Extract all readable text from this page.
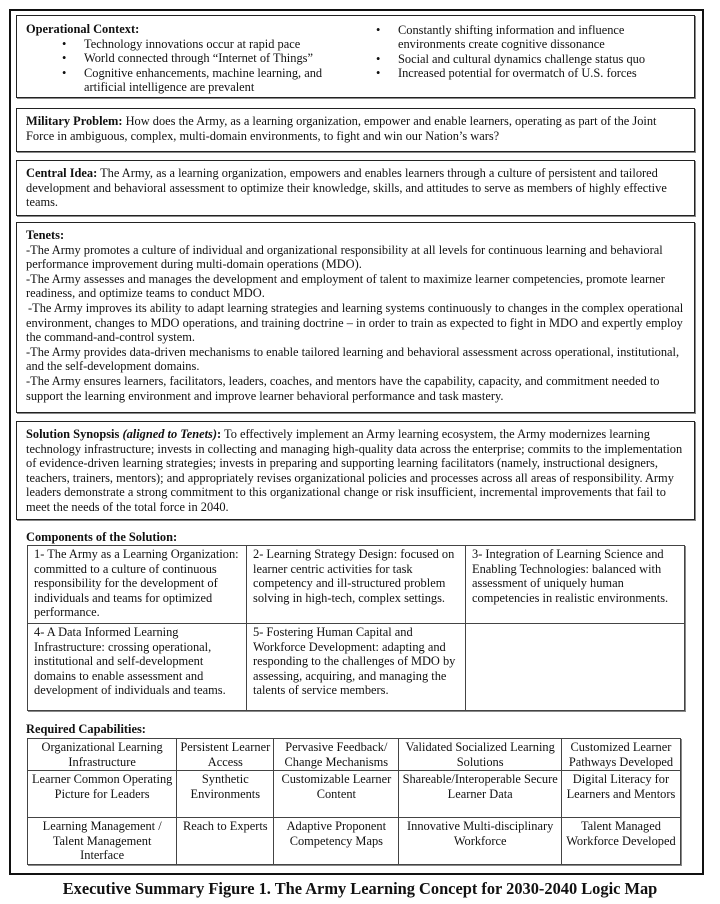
Operational Context:
• Technology innovations occur at rapid pace
• World connected through “Internet of Things”
• Cognitive enhancements, machine learning, and artificial intelligence are prevalent
• Constantly shifting information and influence environments create cognitive dissonance
• Social and cultural dynamics challenge status quo
• Increased potential for overmatch of U.S. forces
Military Problem: How does the Army, as a learning organization, empower and enable learners, operating as part of the Joint Force in ambiguous, complex, multi-domain environments, to fight and win our Nation’s wars?
Central Idea: The Army, as a learning organization, empowers and enables learners through a culture of persistent and tailored development and behavioral assessment to optimize their knowledge, skills, and attitudes to serve as members of highly effective teams.
Tenets:

-The Army promotes a culture of individual and organizational responsibility at all levels for continuous learning and behavioral performance improvement during multi-domain operations (MDO).

-The Army assesses and manages the development and employment of talent to maximize learner competencies, promote learner readiness, and optimize teams to conduct MDO.

-The Army improves its ability to adapt learning strategies and learning systems continuously to changes in the complex operational environment, changes to MDO operations, and training doctrine – in order to train as expected to fight in MDO and expertly employ the command-and-control system.

-The Army provides data-driven mechanisms to enable tailored learning and behavioral assessment across operational, institutional, and the self-development domains.

-The Army ensures learners, facilitators, leaders, coaches, and mentors have the capability, capacity, and commitment needed to support the learning environment and improve learner behavioral performance and task mastery.

Solution Synopsis (aligned to Tenets): To effectively implement an Army learning ecosystem, the Army modernizes learning technology infrastructure; invests in collecting and managing high-quality data across the enterprise; commits to the implementation of evidence-driven learning strategies; invests in preparing and supporting learning facilitators (namely, instructional designers, teachers, trainers, mentors); and appropriately revises organizational policies and processes across all areas of responsibility. Army leaders demonstrate a strong commitment to this organizational change or risk insufficient, incremental improvements that fail to meet the needs of the total force in 2040.
Components of the Solution:
1- The Army as a Learning Organization: committed to a culture of continuous responsibility for the development of individuals and teams for optimized performance.	2- Learning Strategy Design: focused on learner centric activities for task competency and ill-structured problem solving in high-tech, complex settings.	3- Integration of Learning Science and Enabling Technologies: balanced with assessment of uniquely human competencies in realistic environments.
4- A Data Informed Learning Infrastructure: crossing operational, institutional and self-development domains to enable assessment and development of individuals and teams.	5- Fostering Human Capital and Workforce Development: adapting and responding to the challenges of MDO by assessing, acquiring, and managing the talents of service members.	
Required Capabilities:
Organizational Learning Infrastructure	Persistent Learner Access	Pervasive Feedback/ Change Mechanisms	Validated Socialized Learning Solutions	Customized Learner Pathways Developed
Learner Common Operating Picture for Leaders	Synthetic Environments	Customizable Learner Content	Shareable/Interoperable Secure Learner Data	Digital Literacy for Learners and Mentors
Learning Management / Talent Management Interface	Reach to Experts	Adaptive Proponent Competency Maps	Innovative Multi-disciplinary Workforce	Talent Managed Workforce Developed
Executive Summary Figure 1. The Army Learning Concept for 2030-2040 Logic Map
